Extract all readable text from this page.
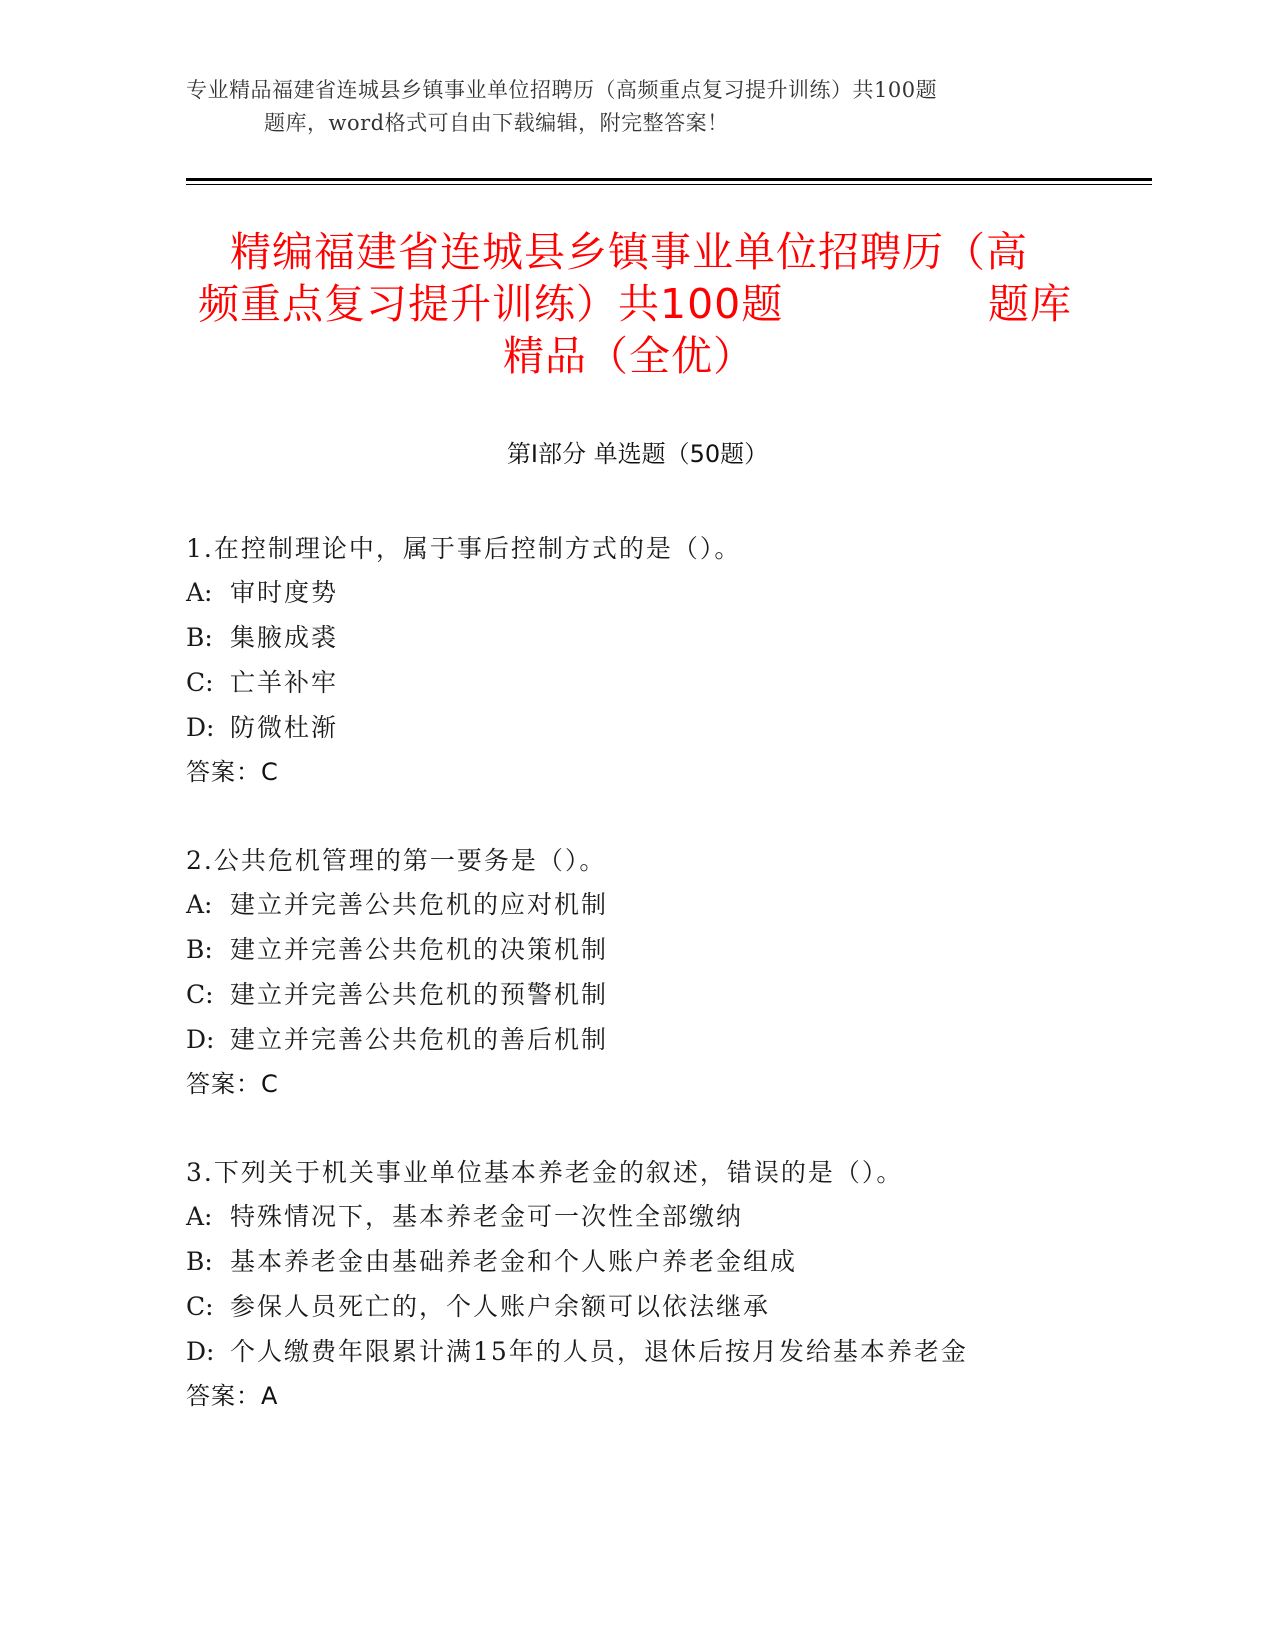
专业精品福建省连城县乡镇事业单位招聘历（高频重点复习提升训练）共100题
题库，word格式可自由下载编辑，附完整答案！
精编福建省连城县乡镇事业单位招聘历（高
频重点复习提升训练）共100题	题库
精品（全优）
第Ⅰ部分 单选题（50题）
1.在控制理论中，属于事后控制方式的是（）。
A: 审时度势
B: 集腋成裘
C: 亡羊补牢
D: 防微杜渐
答案：C
2.公共危机管理的第一要务是（）。
A: 建立并完善公共危机的应对机制
B: 建立并完善公共危机的决策机制
C: 建立并完善公共危机的预警机制
D: 建立并完善公共危机的善后机制
答案：C
3.下列关于机关事业单位基本养老金的叙述，错误的是（）。
A: 特殊情况下，基本养老金可一次性全部缴纳
B: 基本养老金由基础养老金和个人账户养老金组成
C: 参保人员死亡的，个人账户余额可以依法继承
D: 个人缴费年限累计满15年的人员，退休后按月发给基本养老金
答案：A
